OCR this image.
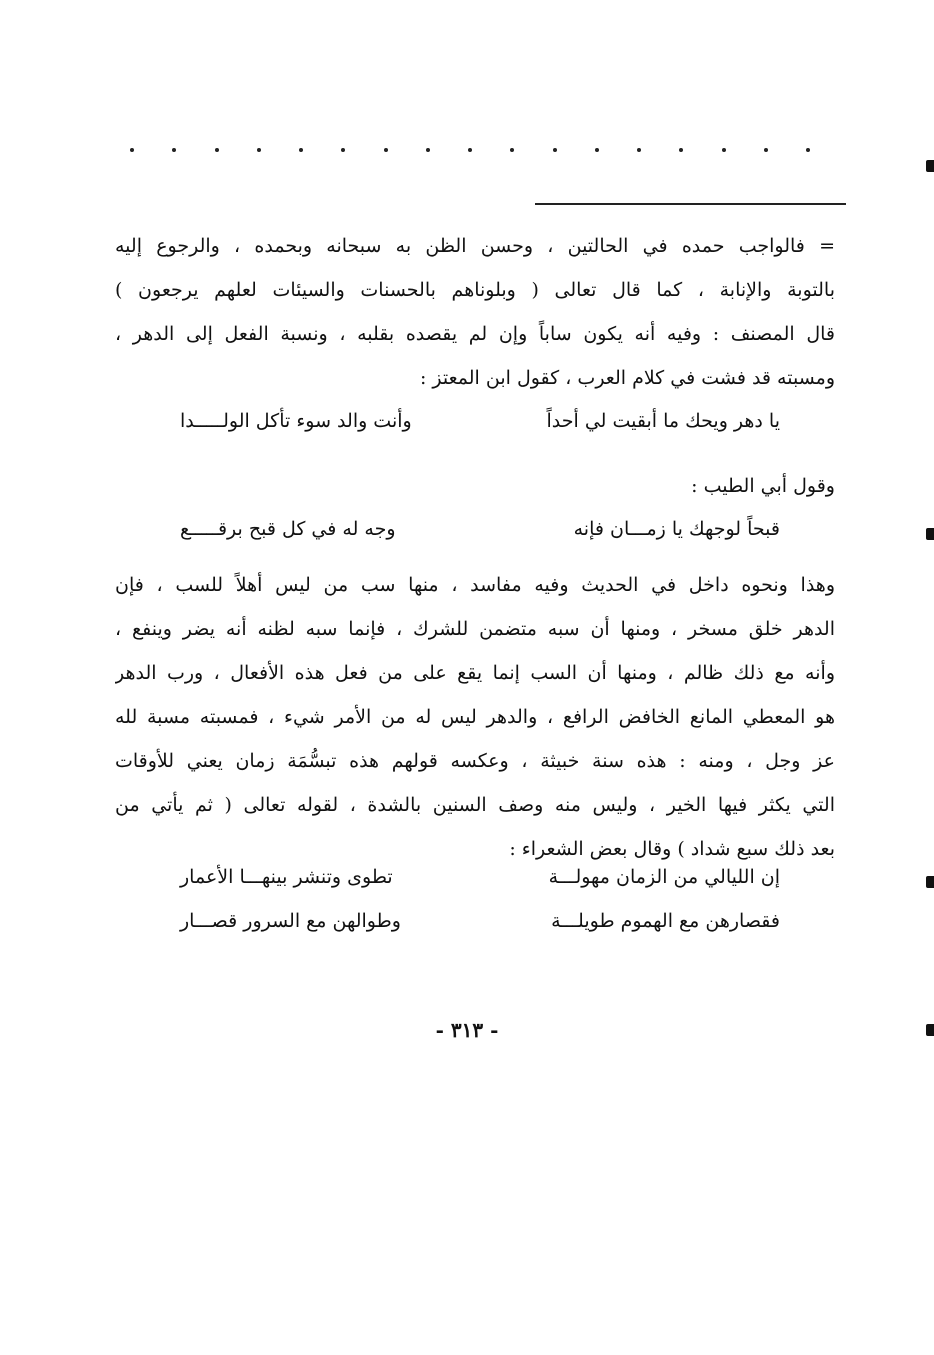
= فالواجب حمده في الحالتين ، وحسن الظن به سبحانه وبحمده ، والرجوع إليه
بالتوبة والإنابة ، كما قال تعالى ( وبلوناهم بالحسنات والسيئات لعلهم يرجعون )
قال المصنف : وفيه أنه يكون ساباً وإن لم يقصده بقلبه ، ونسبة الفعل إلى الدهر ،
ومسبته قد فشت في كلام العرب ، كقول ابن المعتز :
يا دهر ويحك ما أبقيت لي أحداً
وأنت والد سوء تأكل الولـــــدا
وقول أبي الطيب :
قبحاً لوجهك يا زمـــان فإنه
وجه له في كل قبح برقـــــع
وهذا ونحوه داخل في الحديث وفيه مفاسد ، منها سب من ليس أهلاً للسب ، فإن
الدهر خلق مسخر ، ومنها أن سبه متضمن للشرك ، فإنما سبه لظنه أنه يضر وينفع ،
وأنه مع ذلك ظالم ، ومنها أن السب إنما يقع على من فعل هذه الأفعال ، ورب الدهر
هو المعطي المانع الخافض الرافع ، والدهر ليس له من الأمر شيء ، فمسبته مسبة لله
عز وجل ، ومنه : هذه سنة خبيثة ، وعكسه قولهم هذه تبسُّمَة زمان يعني للأوقات
التي يكثر فيها الخير ، وليس منه وصف السنين بالشدة ، لقوله تعالى ( ثم يأتي من
بعد ذلك سبع شداد ) وقال بعض الشعراء :
إن الليالي من الزمان مهولـــة
تطوى وتنشر بينهـــا الأعمار
فقصارهن مع الهموم طويلـــة
وطوالهن مع السرور قصـــار
- ٣١٣ -
